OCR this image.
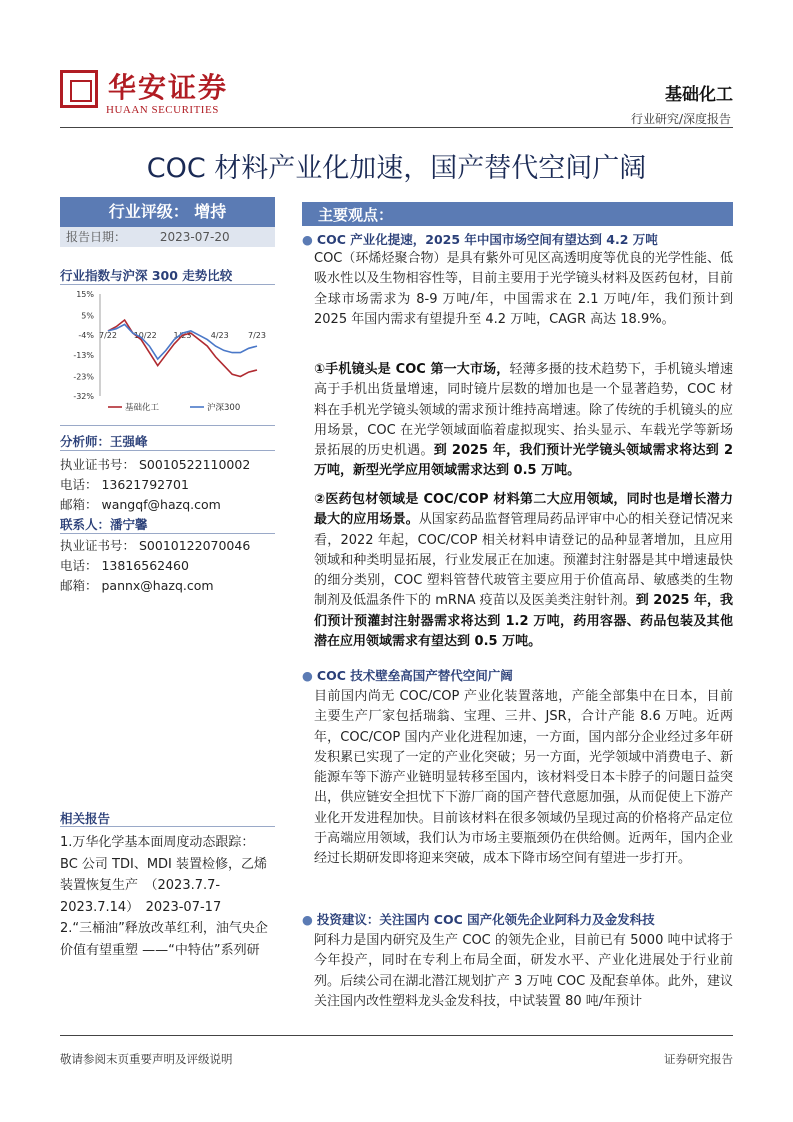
华安证券
HUAAN SECURITIES
基础化工
行业研究/深度报告
COC 材料产业化加速，国产替代空间广阔
行业评级： 增持
报告日期：	2023-07-20
行业指数与沪深 300 走势比较
15%
5%
-4%
-13%
-23%
-32%
7/22 10/22 1/23 4/23 7/23
基础化工	沪深300
分析师：王强峰
执业证书号： S0010522110002
电话： 13621792701
邮箱： wangqf@hazq.com
联系人：潘宁馨
执业证书号： S0010122070046
电话： 13816562460
邮箱： pannx@hazq.com
相关报告
1.万华化学基本面周度动态跟踪：
BC 公司 TDI、MDI 装置检修，乙烯
装置恢复生产　（2023.7.7-
2023.7.14）　2023-07-17
2.“三桶油”释放改革红利，油气央企
价值有望重塑 ——“中特估”系列研
主要观点：
● COC 产业化提速，2025 年中国市场空间有望达到 4.2 万吨
COC（环烯烃聚合物）是具有紫外可见区高透明度等优良的光学性能、低吸水性以及生物相容性等，目前主要用于光学镜头材料及医药包材，目前全球市场需求为 8-9 万吨/年，中国需求在 2.1 万吨/年，我们预计到 2025 年国内需求有望提升至 4.2 万吨，CAGR 高达 18.9%。
①手机镜头是 COC 第一大市场，轻薄多摄的技术趋势下，手机镜头增速高于手机出货量增速，同时镜片层数的增加也是一个显著趋势，COC 材料在手机光学镜头领域的需求预计维持高增速。除了传统的手机镜头的应用场景，COC 在光学领域面临着虚拟现实、抬头显示、车载光学等新场景拓展的历史机遇。到 2025 年，我们预计光学镜头领域需求将达到 2 万吨，新型光学应用领域需求达到 0.5 万吨。
②医药包材领域是 COC/COP 材料第二大应用领域，同时也是增长潜力最大的应用场景。从国家药品监督管理局药品评审中心的相关登记情况来看，2022 年起，COC/COP 相关材料申请登记的品种显著增加，且应用领域和种类明显拓展，行业发展正在加速。预灌封注射器是其中增速最快的细分类别，COC 塑料管替代玻管主要应用于价值高昂、敏感类的生物制剂及低温条件下的 mRNA 疫苗以及医美类注射针剂。到 2025 年，我们预计预灌封注射器需求将达到 1.2 万吨，药用容器、药品包装及其他潜在应用领域需求有望达到 0.5 万吨。
● COC 技术壁垒高国产替代空间广阔
目前国内尚无 COC/COP 产业化装置落地，产能全部集中在日本，目前主要生产厂家包括瑞翁、宝理、三井、JSR，合计产能 8.6 万吨。近两年，COC/COP 国内产业化进程加速，一方面，国内部分企业经过多年研发积累已实现了一定的产业化突破；另一方面，光学领域中消费电子、新能源车等下游产业链明显转移至国内，该材料受日本卡脖子的问题日益突出，供应链安全担忧下下游厂商的国产替代意愿加强，从而促使上下游产业化开发进程加快。目前该材料在很多领域仍呈现过高的价格将产品定位于高端应用领域，我们认为市场主要瓶颈仍在供给侧。近两年，国内企业经过长期研发即将迎来突破，成本下降市场空间有望进一步打开。
● 投资建议：关注国内 COC 国产化领先企业阿科力及金发科技
阿科力是国内研究及生产 COC 的领先企业，目前已有 5000 吨中试将于今年投产，同时在专利上布局全面，研发水平、产业化进展处于行业前列。后续公司在湖北潜江规划扩产 3 万吨 COC 及配套单体。此外，建议关注国内改性塑料龙头金发科技，中试装置 80 吨/年预计
敬请参阅末页重要声明及评级说明	证券研究报告
